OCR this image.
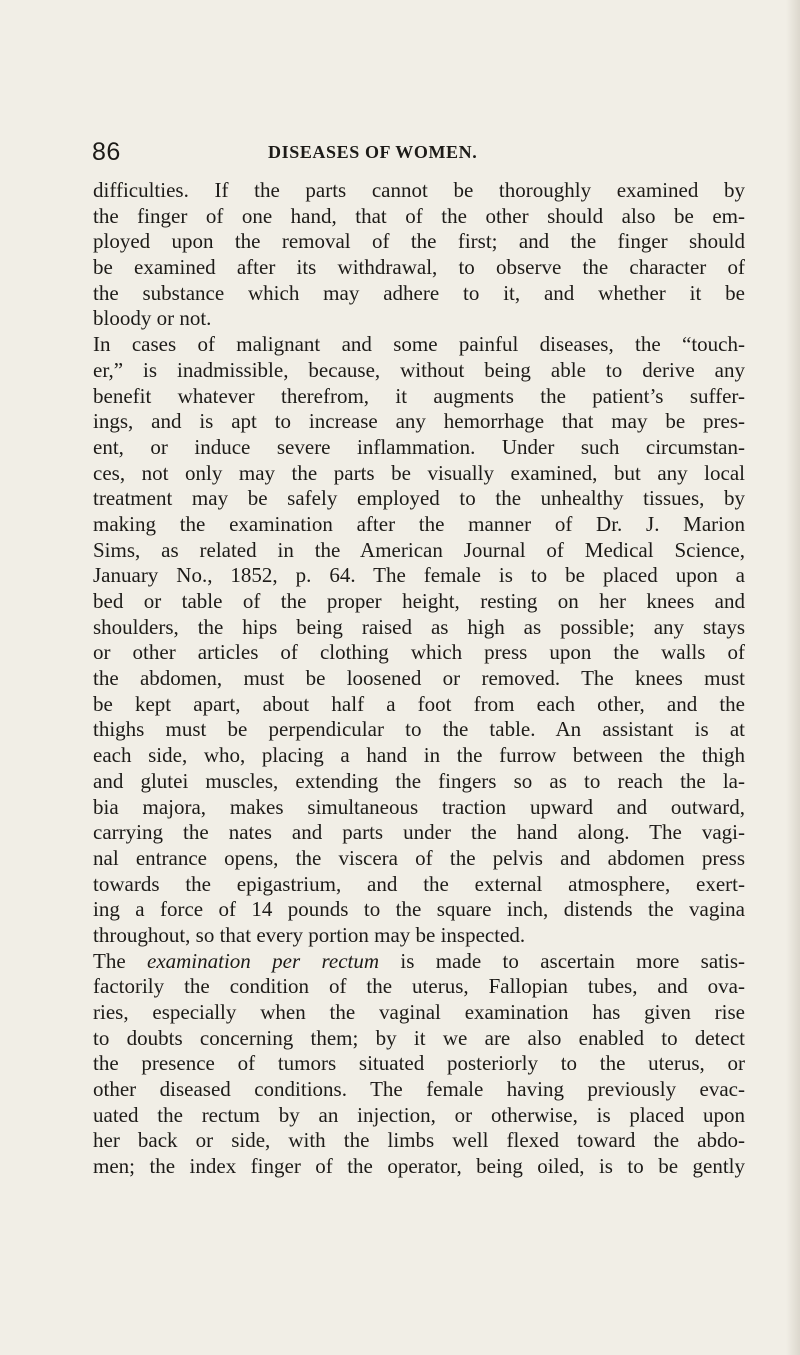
86	DISEASES OF WOMEN.
difficulties. If the parts cannot be thoroughly examined by
the finger of one hand, that of the other should also be em-
ployed upon the removal of the first; and the finger should
be examined after its withdrawal, to observe the character of
the substance which may adhere to it, and whether it be
bloody or not.
In cases of malignant and some painful diseases, the “touch-
er,” is inadmissible, because, without being able to derive any
benefit whatever therefrom, it augments the patient’s suffer-
ings, and is apt to increase any hemorrhage that may be pres-
ent, or induce severe inflammation. Under such circumstan-
ces, not only may the parts be visually examined, but any local
treatment may be safely employed to the unhealthy tissues, by
making the examination after the manner of Dr. J. Marion
Sims, as related in the American Journal of Medical Science,
January No., 1852, p. 64. The female is to be placed upon a
bed or table of the proper height, resting on her knees and
shoulders, the hips being raised as high as possible; any stays
or other articles of clothing which press upon the walls of
the abdomen, must be loosened or removed. The knees must
be kept apart, about half a foot from each other, and the
thighs must be perpendicular to the table. An assistant is at
each side, who, placing a hand in the furrow between the thigh
and glutei muscles, extending the fingers so as to reach the la-
bia majora, makes simultaneous traction upward and outward,
carrying the nates and parts under the hand along. The vagi-
nal entrance opens, the viscera of the pelvis and abdomen press
towards the epigastrium, and the external atmosphere, exert-
ing a force of 14 pounds to the square inch, distends the vagina
throughout, so that every portion may be inspected.
The examination per rectum is made to ascertain more satis-
factorily the condition of the uterus, Fallopian tubes, and ova-
ries, especially when the vaginal examination has given rise
to doubts concerning them; by it we are also enabled to detect
the presence of tumors situated posteriorly to the uterus, or
other diseased conditions. The female having previously evac-
uated the rectum by an injection, or otherwise, is placed upon
her back or side, with the limbs well flexed toward the abdo-
men; the index finger of the operator, being oiled, is to be gently
